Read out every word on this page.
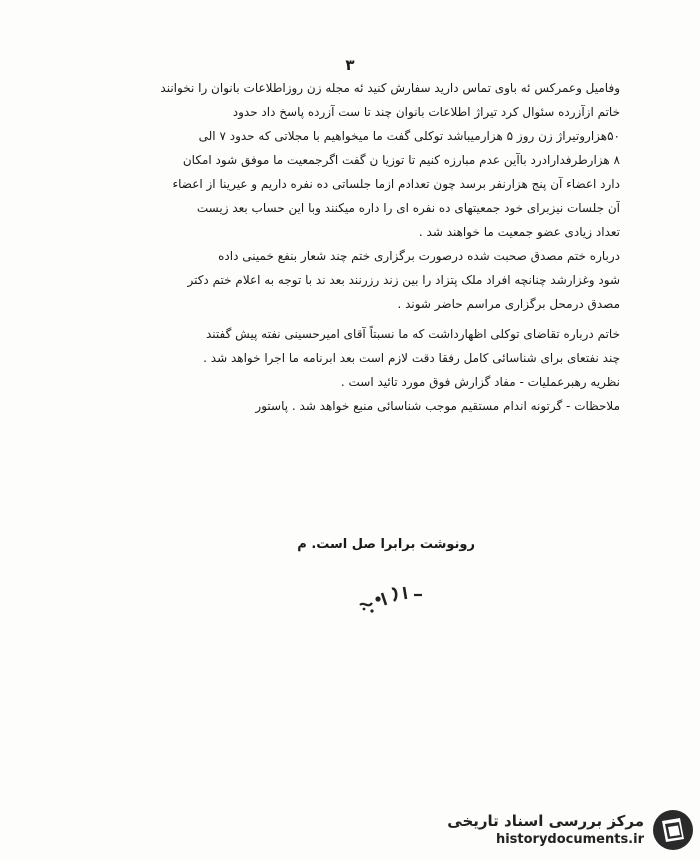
۳
وفامیل وعمرکس ئه باوی تماس دارید سفارش کنید ئه مجله زن روزاطلاعات بانوان را نخوانند
خاتم ازآزرده سئوال کرد تیراژ اطلاعات بانوان چند تا ست آزرده پاسخ داد حدود
۵۰هزاروتیراژ زن روز ۵ هزارمیباشد توکلی گفت ما میخواهیم با مجلاتی که حدود ۷ الی
۸ هزارطرفدارادرد باآین عدم مبارزه کنیم تا توزیا ن گفت اگرجمعیت ما موفق شود امکان
دارد اعضاء آن پنج هزارنفر برسد چون تعدادم ازما جلساتی ده نفره داریم و عیرینا از اعضاء
آن جلسات نیزبرای خود جمعیتهای ده نفره ای را داره میکنند وبا این حساب بعد زیست
تعداد زیادی عضو جمعیت ما خواهند شد .
درباره ختم مصدق صحبت شده درصورت برگزاری ختم چند شعار بنفع خمینی داده
شود وغزارشد چنانچه افراد ملک پتزاد را بین زند رزرنند بعد ند با توجه به اعلام ختم دکتر
مصدق درمحل برگزاری مراسم حاضر شوند .
خاتم درباره تقاضای توکلی اظهارداشت که ما نسبتاً آقای امیرحسینی نفته پیش گفتند
چند نفتعای برای شناسائی کامل رفقا دقت لازم است بعد ابرنامه ما اجرا خواهد شد .
نظریه رهبرعملیات - مفاد گزارش فوق مورد تائید است .
ملاحظات - گرتونه اندام مستقیم موجب شناسائی منبع خواهد شد . پاستور
رونوشت برابرا صل است. م
مرکز بررسی اسناد تاریخی
historydocuments.ir
